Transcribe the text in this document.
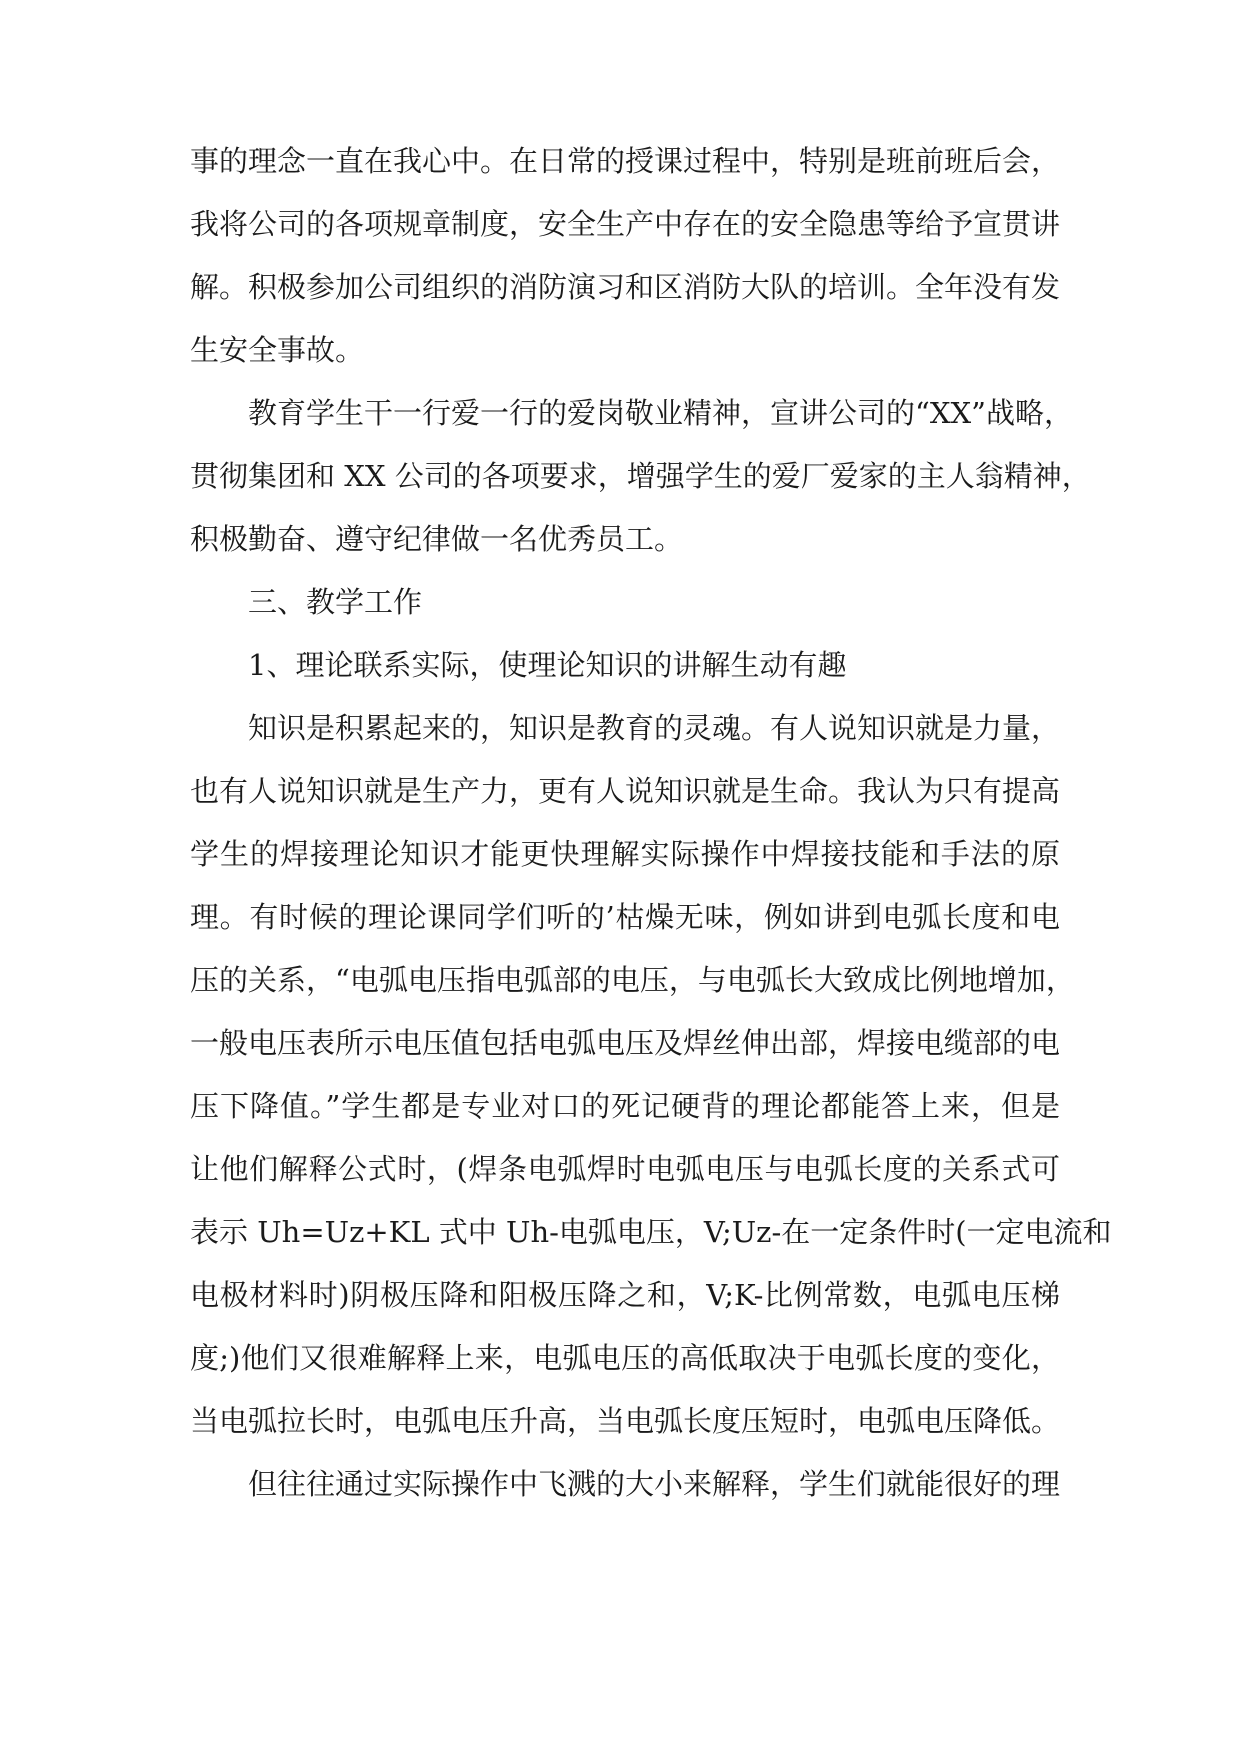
事的理念一直在我心中。在日常的授课过程中，特别是班前班后会，
我将公司的各项规章制度，安全生产中存在的安全隐患等给予宣贯讲
解。积极参加公司组织的消防演习和区消防大队的培训。全年没有发
生安全事故。
教育学生干一行爱一行的爱岗敬业精神，宣讲公司的“XX”战略，
贯彻集团和 XX 公司的各项要求，增强学生的爱厂爱家的主人翁精神，
积极勤奋、遵守纪律做一名优秀员工。
三、教学工作
1、理论联系实际，使理论知识的讲解生动有趣
知识是积累起来的，知识是教育的灵魂。有人说知识就是力量，
也有人说知识就是生产力，更有人说知识就是生命。我认为只有提高
学生的焊接理论知识才能更快理解实际操作中焊接技能和手法的原
理。有时候的理论课同学们听的’枯燥无味，例如讲到电弧长度和电
压的关系，“电弧电压指电弧部的电压，与电弧长大致成比例地增加，
一般电压表所示电压值包括电弧电压及焊丝伸出部，焊接电缆部的电
压下降值。”学生都是专业对口的死记硬背的理论都能答上来，但是
让他们解释公式时，(焊条电弧焊时电弧电压与电弧长度的关系式可
表示 Uh=Uz+KL 式中 Uh-电弧电压，V;Uz-在一定条件时(一定电流和
电极材料时)阴极压降和阳极压降之和，V;K-比例常数，电弧电压梯
度;)他们又很难解释上来，电弧电压的高低取决于电弧长度的变化，
当电弧拉长时，电弧电压升高，当电弧长度压短时，电弧电压降低。
但往往通过实际操作中飞溅的大小来解释，学生们就能很好的理
